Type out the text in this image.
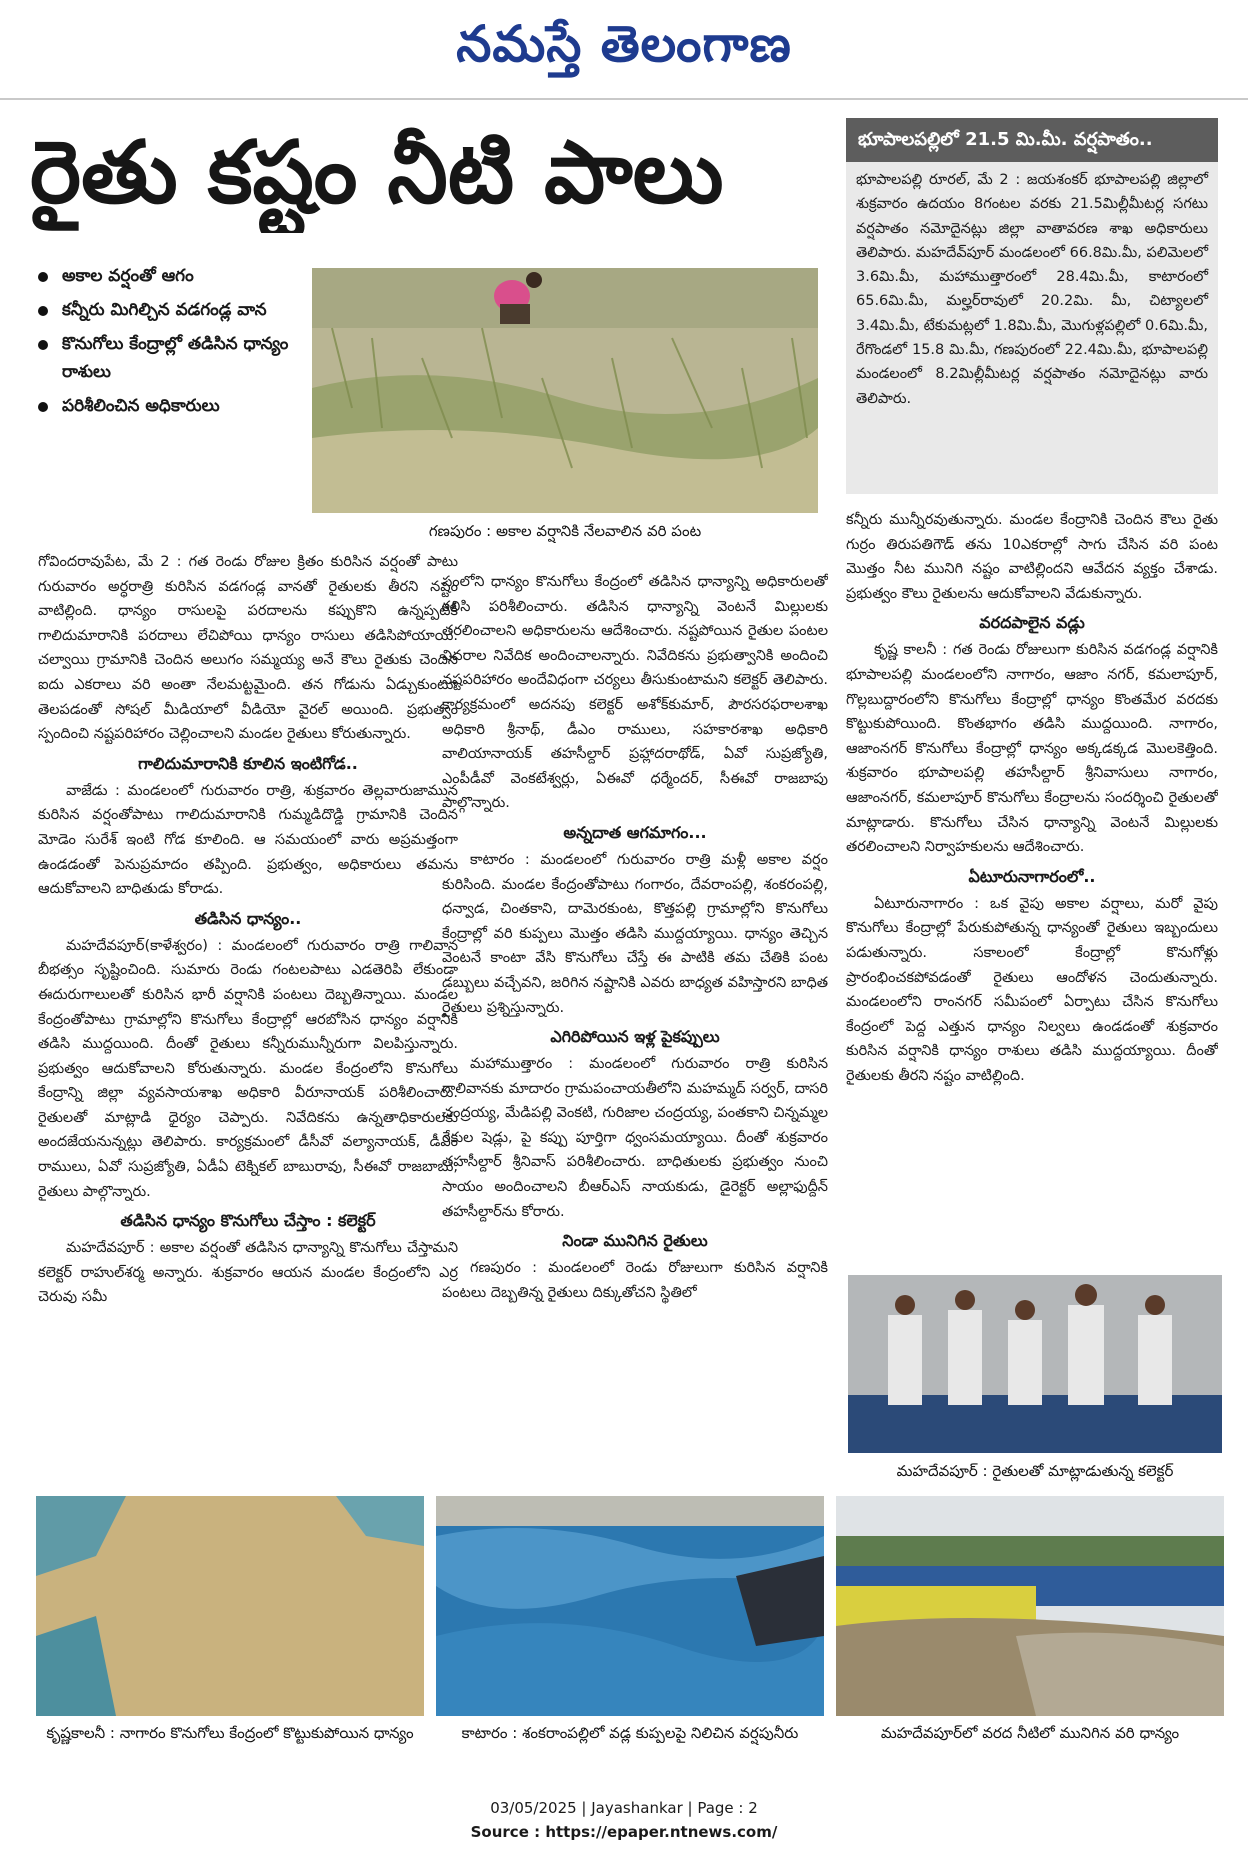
నమస్తే తెలంగాణ
రైతు కష్టం నీటి పాలు
అకాల వర్షంతో ఆగం
కన్నీరు మిగిల్చిన వడగండ్ల వాన
కొనుగోలు కేంద్రాల్లో తడిసిన ధాన్యం రాశులు
పరిశీలించిన అధికారులు
గణపురం : అకాల వర్షానికి నేలవాలిన వరి పంట
భూపాలపల్లిలో 21.5 మి.మీ. వర్షపాతం..
భూపాలపల్లి రూరల్, మే 2 : జయశంకర్ భూపాలపల్లి జిల్లాలో శుక్రవారం ఉదయం 8గంటల వరకు 21.5మిల్లీమీటర్ల సగటు వర్షపాతం నమోదైనట్లు జిల్లా వాతావరణ శాఖ అధికారులు తెలిపారు. మహదేవ్‌పూర్ మండలంలో 66.8మి.మీ, పలిమెలలో 3.6మి.మీ, మహాముత్తారంలో 28.4మి.మీ, కాటారంలో 65.6మి.మీ, మల్హర్‌రావులో 20.2మి. మీ, చిట్యాలలో 3.4మి.మీ, టేకుమట్లలో 1.8మి.మీ, మొగుళ్లపల్లిలో 0.6మి.మీ, రేగొండలో 15.8 మి.మీ, గణపురంలో 22.4మి.మీ, భూపాలపల్లి మండలంలో 8.2మిల్లీమీటర్ల వర్షపాతం నమోదైనట్లు వారు తెలిపారు.

గోవిందరావుపేట, మే 2 : గత రెండు రోజుల క్రితం కురిసిన వర్షంతో పాటు గురువారం అర్ధరాత్రి కురిసిన వడగండ్ల వానతో రైతులకు తీరని నష్టం వాటిల్లింది. ధాన్యం రాసులపై పరదాలను కప్పుకొని ఉన్నప్పటికీ గాలిదుమారానికి పరదాలు లేచిపోయి ధాన్యం రాసులు తడిసిపోయాయి. చల్వాయి గ్రామానికి చెందిన అలుగం సమ్మయ్య అనే కౌలు రైతుకు చెందిన ఐదు ఎకరాలు వరి అంతా నేలమట్టమైంది. తన గోడును ఏడ్చుకుంటూ తెలపడంతో సోషల్ మీడియాలో వీడియో వైరల్ అయింది. ప్రభుత్వం స్పందించి నష్టపరిహారం చెల్లించాలని మండల రైతులు కోరుతున్నారు.

గాలిదుమారానికి కూలిన ఇంటిగోడ..

వాజేడు : మండలంలో గురువారం రాత్రి, శుక్రవారం తెల్లవారుజామున కురిసిన వర్షంతోపాటు గాలిదుమారానికి గుమ్మడిదొడ్డి గ్రామానికి చెందిన మోడెం సురేశ్ ఇంటి గోడ కూలింది. ఆ సమయంలో వారు అప్రమత్తంగా ఉండడంతో పెనుప్రమాదం తప్పింది. ప్రభుత్వం, అధికారులు తమను ఆదుకోవాలని బాధితుడు కోరాడు.

తడిసిన ధాన్యం..

మహదేవపూర్(కాళేశ్వరం) : మండలంలో గురువారం రాత్రి గాలివాన బీభత్సం సృష్టించింది. సుమారు రెండు గంటలపాటు ఎడతెరిపి లేకుండా ఈదురుగాలులతో కురిసిన భారీ వర్షానికి పంటలు దెబ్బతిన్నాయి. మండల కేంద్రంతోపాటు గ్రామాల్లోని కొనుగోలు కేంద్రాల్లో ఆరబోసిన ధాన్యం వర్షానికి తడిసి ముద్దయింది. దీంతో రైతులు కన్నీరుమున్నీరుగా విలపిస్తున్నారు. ప్రభుత్వం ఆదుకోవాలని కోరుతున్నారు. మండల కేంద్రంలోని కొనుగోలు కేంద్రాన్ని జిల్లా వ్యవసాయశాఖ అధికారి వీరూనాయక్ పరిశీలించారు. రైతులతో మాట్లాడి ధైర్యం చెప్పారు. నివేదికను ఉన్నతాధికారులకు అందజేయనున్నట్లు తెలిపారు. కార్యక్రమంలో డీసీవో వల్యానాయక్, డీఎం రాములు, ఏవో సుప్రజ్యోతి, ఏడీఏ టెక్నికల్ బాబురావు, సీఈవో రాజబాబు, రైతులు పాల్గొన్నారు.

తడిసిన ధాన్యం కొనుగోలు చేస్తాం : కలెక్టర్

మహదేవపూర్ : అకాల వర్షంతో తడిసిన ధాన్యాన్ని కొనుగోలు చేస్తామని కలెక్టర్ రాహుల్‌శర్మ అన్నారు. శుక్రవారం ఆయన మండల కేంద్రంలోని ఎర్ర చెరువు సమీ

పంలోని ధాన్యం కొనుగోలు కేంద్రంలో తడిసిన ధాన్యాన్ని అధికారులతో కలిసి పరిశీలించారు. తడిసిన ధాన్యాన్ని వెంటనే మిల్లులకు తరలించాలని అధికారులను ఆదేశించారు. నష్టపోయిన రైతుల పంటల వివరాల నివేదిక అందించాలన్నారు. నివేదికను ప్రభుత్వానికి అందించి నష్టపరిహారం అందేవిధంగా చర్యలు తీసుకుంటామని కలెక్టర్ తెలిపారు. కార్యక్రమంలో అదనపు కలెక్టర్ అశోక్‌కుమార్, పౌరసరఫరాలశాఖ అధికారి శ్రీనాథ్, డీఎం రాములు, సహకారశాఖ అధికారి వాలియానాయక్ తహసీల్దార్ ప్రహ్లాదరాథోడ్, ఏవో సుప్రజ్యోతి, ఎంపీడీవో వెంకటేశ్వర్లు, ఏఈవో ధర్మేందర్, సీఈవో రాజబాపు పాల్గొన్నారు.

అన్నదాత ఆగమాగం...

కాటారం : మండలంలో గురువారం రాత్రి మళ్లీ అకాల వర్షం కురిసింది. మండల కేంద్రంతోపాటు గంగారం, దేవరాంపల్లి, శంకరంపల్లి, ధన్వాడ, చింతకాని, దామెరకుంట, కొత్తపల్లి గ్రామాల్లోని కొనుగోలు కేంద్రాల్లో వరి కుప్పలు మొత్తం తడిసి ముద్దయ్యాయి. ధాన్యం తెచ్చిన వెంటనే కాంటా వేసి కొనుగోలు చేస్తే ఈ పాటికి తమ చేతికి పంట డబ్బులు వచ్చేవని, జరిగిన నష్టానికి ఎవరు బాధ్యత వహిస్తారని బాధిత రైతులు ప్రశ్నిస్తున్నారు.

ఎగిరిపోయిన ఇళ్ల పైకప్పులు

మహాముత్తారం : మండలంలో గురువారం రాత్రి కురిసిన గాలివానకు మాదారం గ్రామపంచాయతీలోని మహమ్మద్ సర్వర్, దాసరి చంద్రయ్య, మేడిపల్లి వెంకటి, గురిజాల చంద్రయ్య, పంతకాని చిన్నమ్మల రేకుల షెడ్లు, పై కప్పు పూర్తిగా ధ్వంసమయ్యాయి. దీంతో శుక్రవారం తహసీల్దార్ శ్రీనివాస్ పరిశీలించారు. బాధితులకు ప్రభుత్వం నుంచి సాయం అందించాలని బీఆర్‌ఎస్ నాయకుడు, డైరెక్టర్ అల్లాఫుద్దీన్ తహసీల్దార్‌ను కోరారు.

నిండా మునిగిన రైతులు

గణపురం : మండలంలో రెండు రోజులుగా కురిసిన వర్షానికి పంటలు దెబ్బతిన్న రైతులు దిక్కుతోచని స్థితిలో

కన్నీరు మున్నీరవుతున్నారు. మండల కేంద్రానికి చెందిన కౌలు రైతు గుర్రం తిరుపతిగౌడ్ తను 10ఎకరాల్లో సాగు చేసిన వరి పంట మొత్తం నీట మునిగి నష్టం వాటిల్లిందని ఆవేదన వ్యక్తం చేశాడు. ప్రభుత్వం కౌలు రైతులను ఆదుకోవాలని వేడుకున్నారు.

వరదపాలైన వడ్లు

కృష్ణ కాలనీ : గత రెండు రోజులుగా కురిసిన వడగండ్ల వర్షానికి భూపాలపల్లి మండలంలోని నాగారం, ఆజాం నగర్, కమలాపూర్, గొల్లబుద్దారంలోని కొనుగోలు కేంద్రాల్లో ధాన్యం కొంతమేర వరదకు కొట్టుకుపోయింది. కొంతభాగం తడిసి ముద్దయింది. నాగారం, ఆజాంనగర్ కొనుగోలు కేంద్రాల్లో ధాన్యం అక్కడక్కడ మొలకెత్తింది. శుక్రవారం భూపాలపల్లి తహసీల్దార్ శ్రీనివాసులు నాగారం, ఆజాంనగర్, కమలాపూర్ కొనుగోలు కేంద్రాలను సందర్శించి రైతులతో మాట్లాడారు. కొనుగోలు చేసిన ధాన్యాన్ని వెంటనే మిల్లులకు తరలించాలని నిర్వాహకులను ఆదేశించారు.

ఏటూరునాగారంలో..

ఏటూరునాగారం : ఒక వైపు అకాల వర్షాలు, మరో వైపు కొనుగోలు కేంద్రాల్లో పేరుకుపోతున్న ధాన్యంతో రైతులు ఇబ్బందులు పడుతున్నారు. సకాలంలో కేంద్రాల్లో కొనుగోళ్లు ప్రారంభించకపోవడంతో రైతులు ఆందోళన చెందుతున్నారు. మండలంలోని రాంనగర్ సమీపంలో ఏర్పాటు చేసిన కొనుగోలు కేంద్రంలో పెద్ద ఎత్తున ధాన్యం నిల్వలు ఉండడంతో శుక్రవారం కురిసిన వర్షానికి ధాన్యం రాశులు తడిసి ముద్దయ్యాయి. దీంతో రైతులకు తీరని నష్టం వాటిల్లింది.

మహదేవపూర్ : రైతులతో మాట్లాడుతున్న కలెక్టర్
కృష్ణకాలనీ : నాగారం కొనుగోలు కేంద్రంలో కొట్టుకుపోయిన ధాన్యం	కాటారం : శంకరాంపల్లిలో వడ్ల కుప్పలపై నిలిచిన వర్షపునీరు	మహదేవపూర్‌లో వరద నీటిలో మునిగిన వరి ధాన్యం
03/05/2025 | Jayashankar | Page : 2
Source : https://epaper.ntnews.com/
